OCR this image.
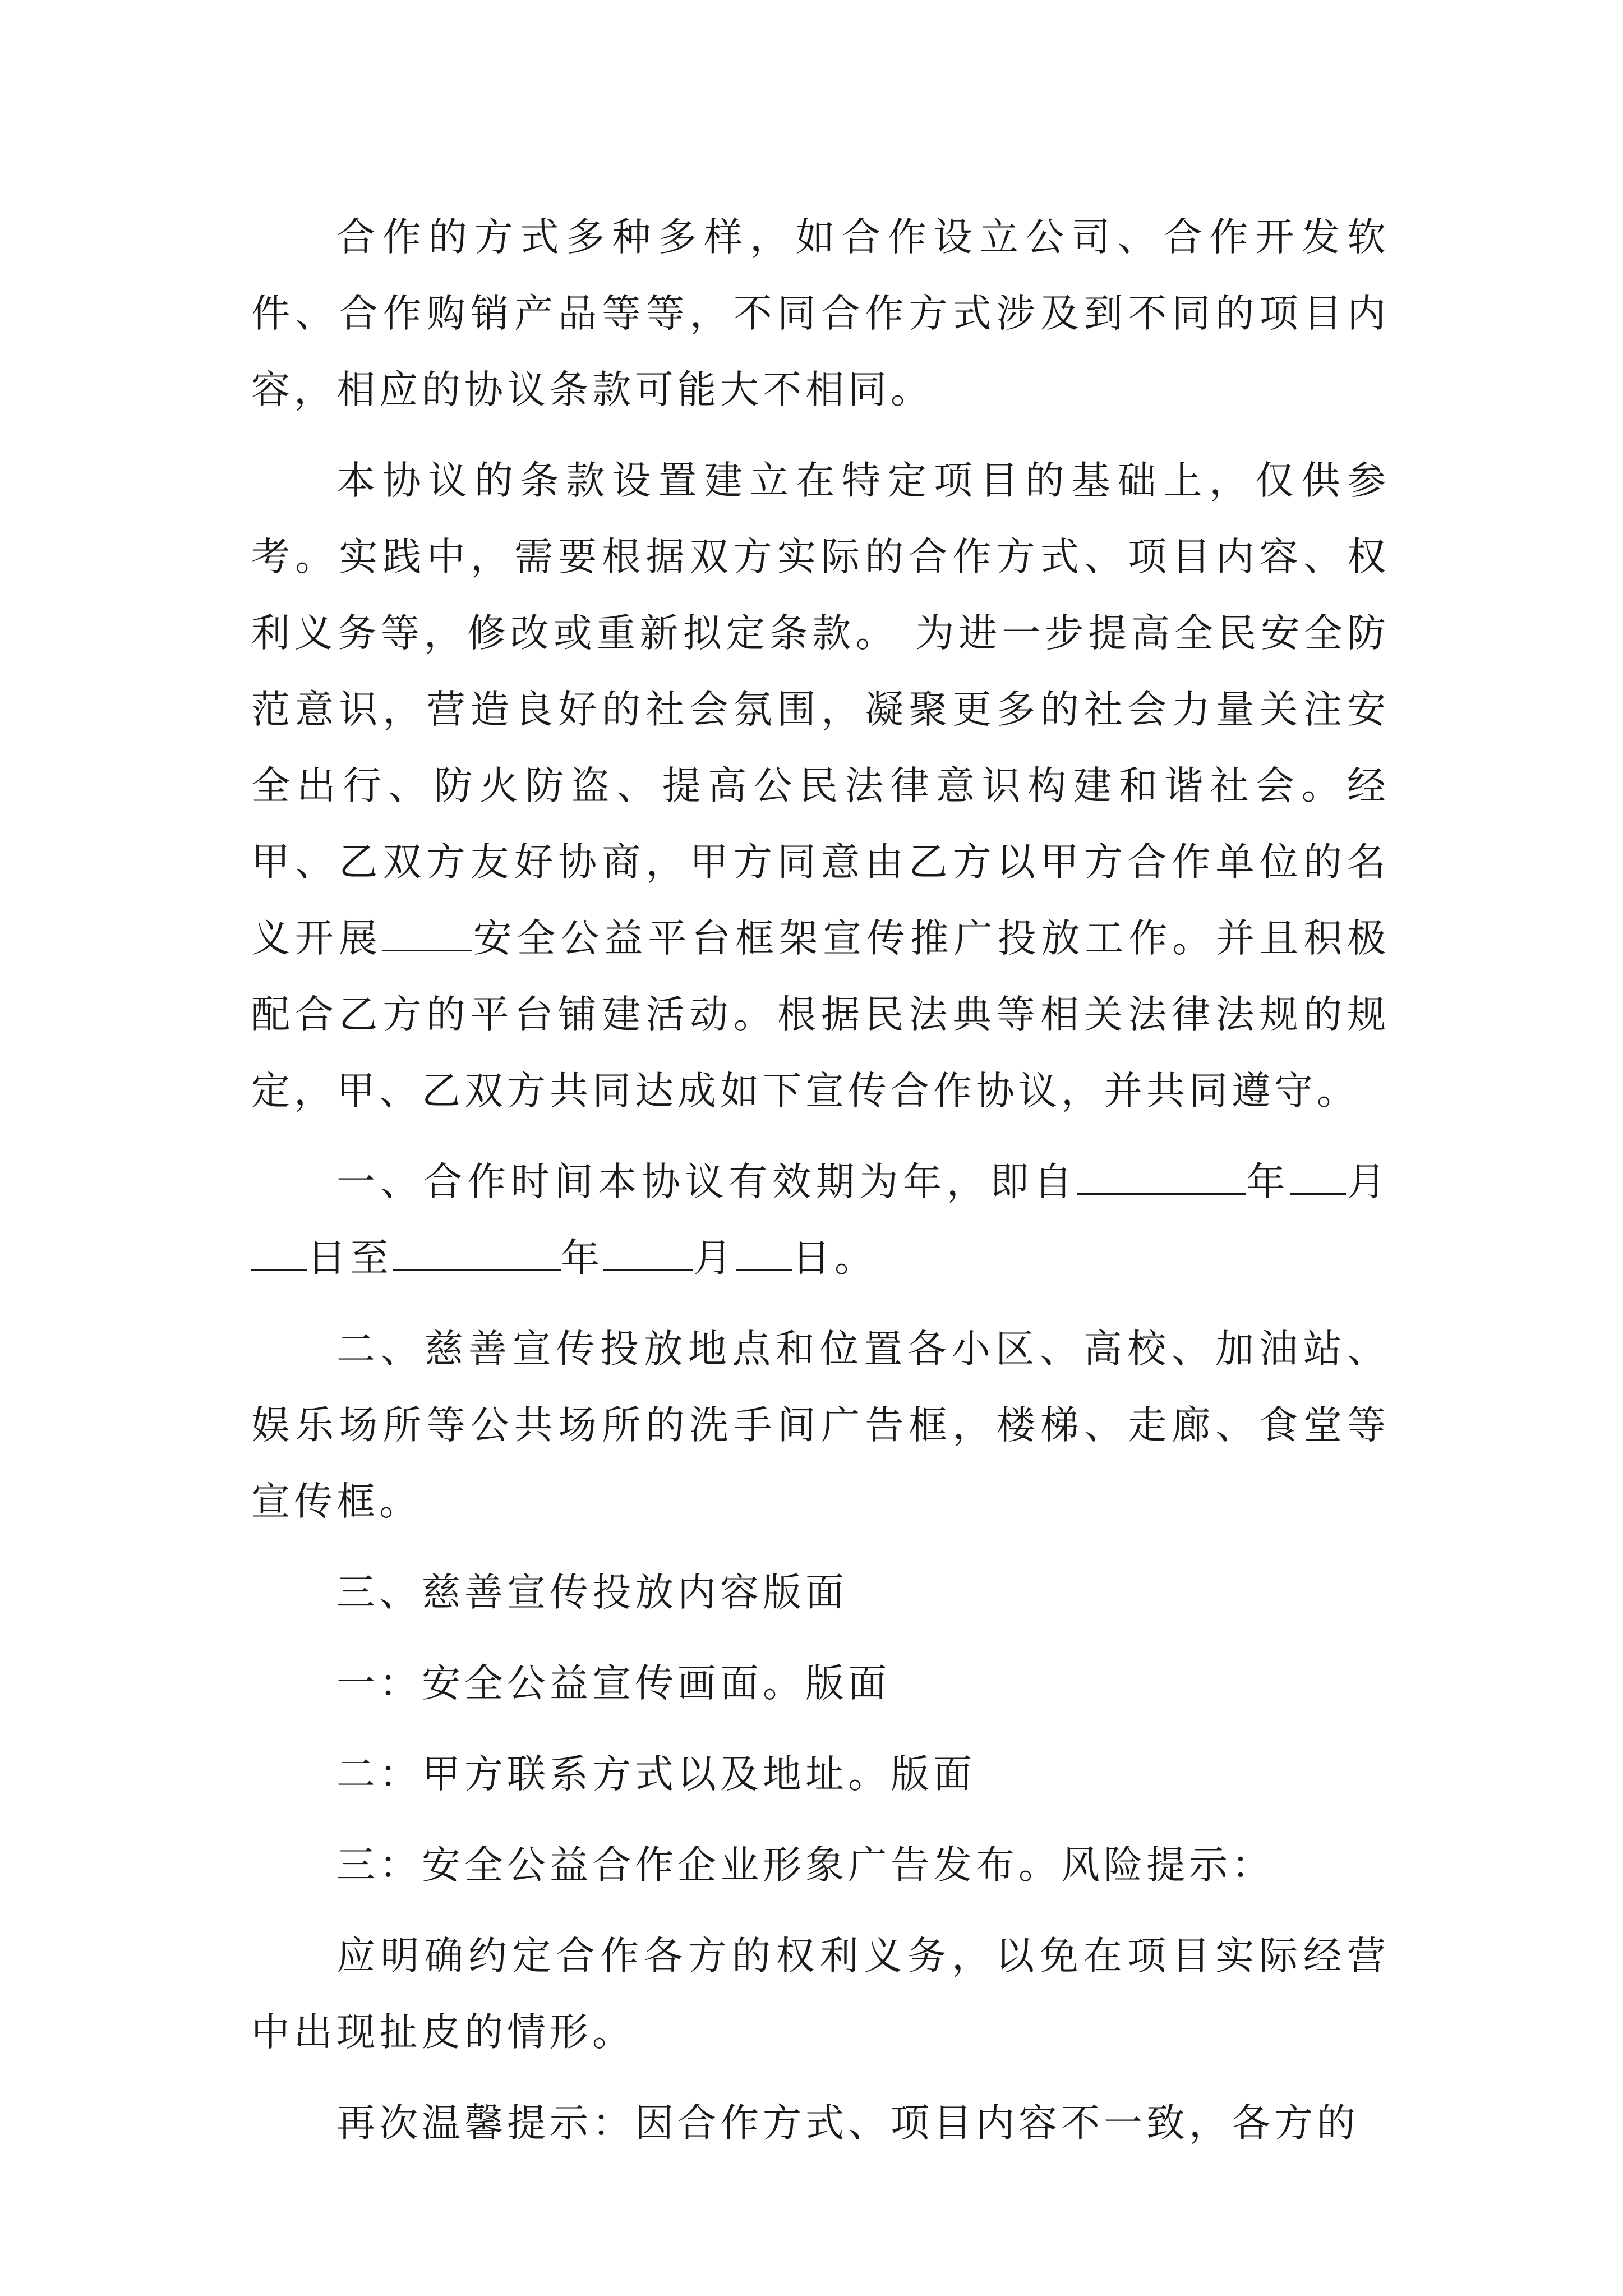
合作的方式多种多样，如合作设立公司、合作开发软件、合作购销产品等等，不同合作方式涉及到不同的项目内容，相应的协议条款可能大不相同。

本协议的条款设置建立在特定项目的基础上，仅供参考。实践中，需要根据双方实际的合作方式、项目内容、权利义务等，修改或重新拟定条款。 为进一步提高全民安全防范意识，营造良好的社会氛围，凝聚更多的社会力量关注安全出行、防火防盗、提高公民法律意识构建和谐社会。经甲、乙双方友好协商，甲方同意由乙方以甲方合作单位的名义开展 安全公益平台框架宣传推广投放工作。并且积极配合乙方的平台铺建活动。根据民法典等相关法律法规的规定，甲、乙双方共同达成如下宣传合作协议，并共同遵守。

一、合作时间本协议有效期为年，即自	年 月日至	年 月 日。

二、慈善宣传投放地点和位置各小区、高校、加油站、娱乐场所等公共场所的洗手间广告框，楼梯、走廊、食堂等宣传框。

三、慈善宣传投放内容版面

一：安全公益宣传画面。版面

二：甲方联系方式以及地址。版面

三：安全公益合作企业形象广告发布。风险提示：

应明确约定合作各方的权利义务，以免在项目实际经营中出现扯皮的情形。

再次温馨提示：因合作方式、项目内容不一致，各方的
